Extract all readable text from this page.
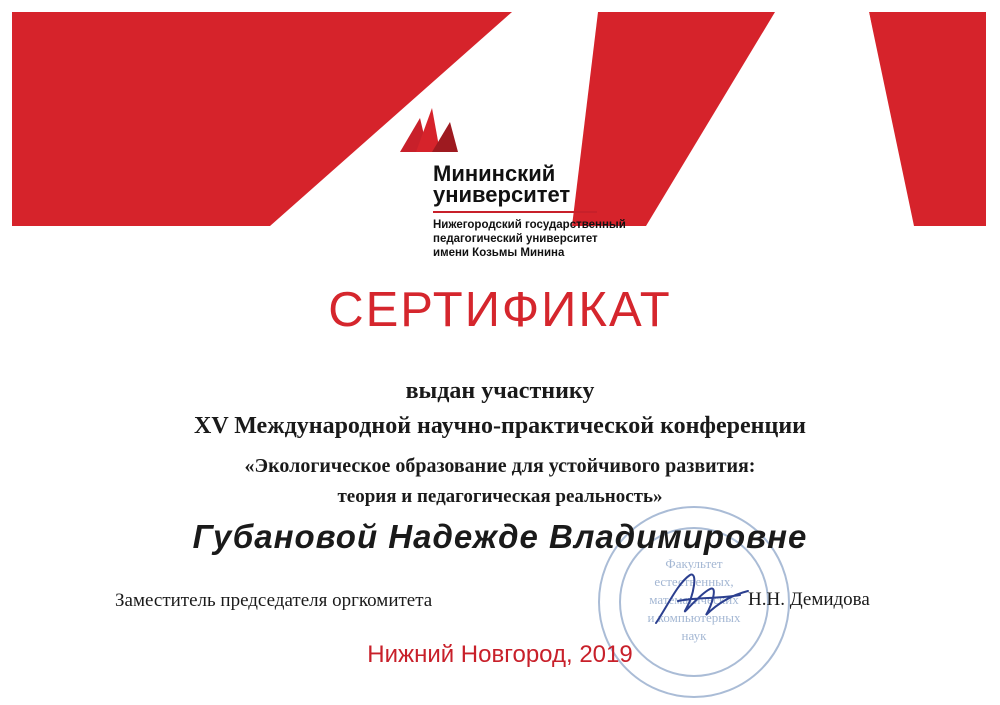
Мининский
университет
Нижегородский государственный
педагогический университет
имени Козьмы Минина
СЕРТИФИКАТ
выдан участнику
XV Международной научно-практической конференции
«Экологическое образование для устойчивого развития:
теория и педагогическая реальность»
Факультет
естественных,
математических
и компьютерных
наук
Губановой Надежде Владимировне
Заместитель председателя оргкомитета	Н.Н. Демидова
Нижний Новгород, 2019
